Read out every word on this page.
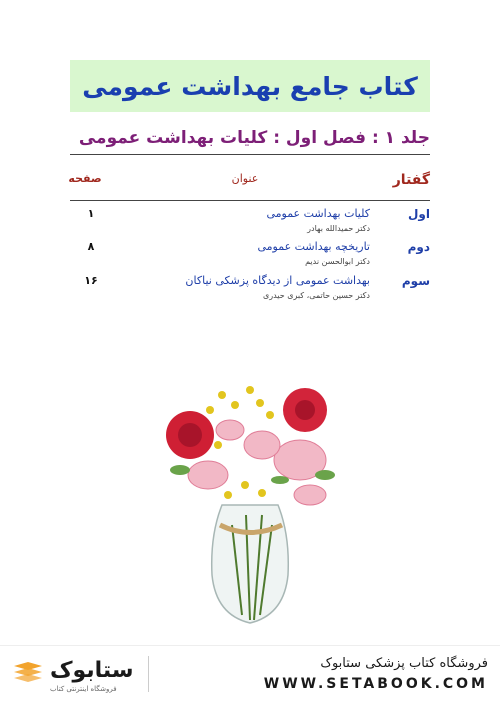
کتاب جامع بهداشت عمومی
جلد ۱ : فصل اول : کلیات بهداشت عمومی
گفتار
عنوان
صفحه
اول
کلیات بهداشت عمومی
دکتر حمیدالله بهادر
۱
دوم
تاریخچه بهداشت عمومی
دکتر ابوالحسن ندیم
۸
سوم
بهداشت عمومی از دیدگاه پزشکی نیاکان
دکتر حسین حاتمی، کبری حیدری
۱۶
ستابوک
فروشگاه اینترنتی کتاب
فروشگاه کتاب پزشکی ستابوک
WWW.SETABOOK.COM
